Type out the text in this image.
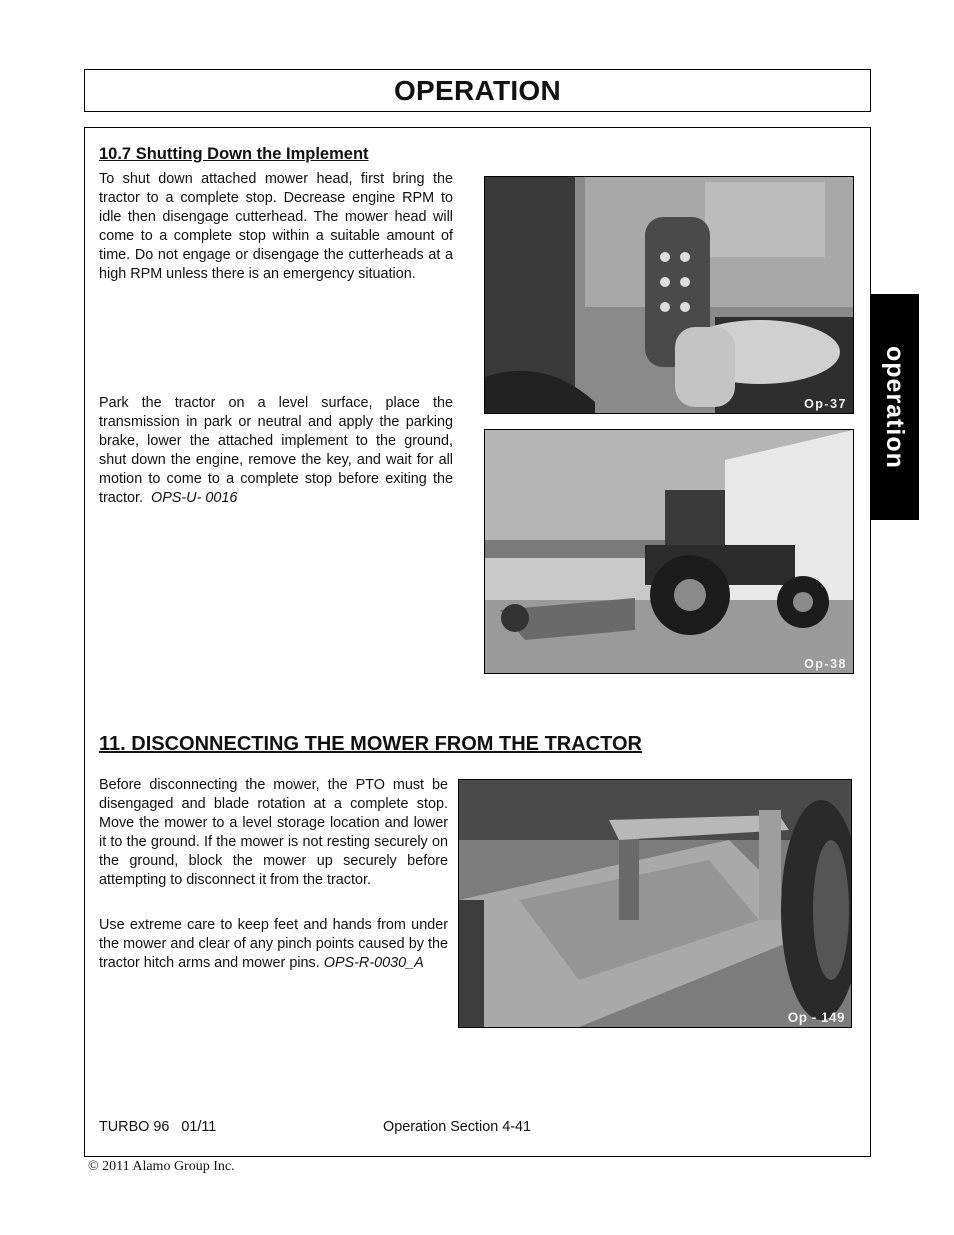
OPERATION
operation
10.7 Shutting Down the Implement

To shut down attached mower head, first bring the tractor to a complete stop. Decrease engine RPM to idle then disengage cutterhead. The mower head will come to a complete stop within a suitable amount of time. Do not engage or disengage the cutterheads at a high RPM unless there is an emergency situation.

Park the tractor on a level surface, place the transmission in park or neutral and apply the parking brake, lower the attached implement to the ground, shut down the engine, remove the key, and wait for all motion to come to a complete stop before exiting the tractor. OPS-U- 0016

Op-37
Op-38
11. DISCONNECTING THE MOWER FROM THE TRACTOR

Before disconnecting the mower, the PTO must be disengaged and blade rotation at a complete stop. Move the mower to a level storage location and lower it to the ground. If the mower is not resting securely on the ground, block the mower up securely before attempting to disconnect it from the tractor.

Use extreme care to keep feet and hands from under the mower and clear of any pinch points caused by the tractor hitch arms and mower pins. OPS-R-0030_A

Op - 149
TURBO 96   01/11	Operation Section 4-41
© 2011 Alamo Group Inc.
